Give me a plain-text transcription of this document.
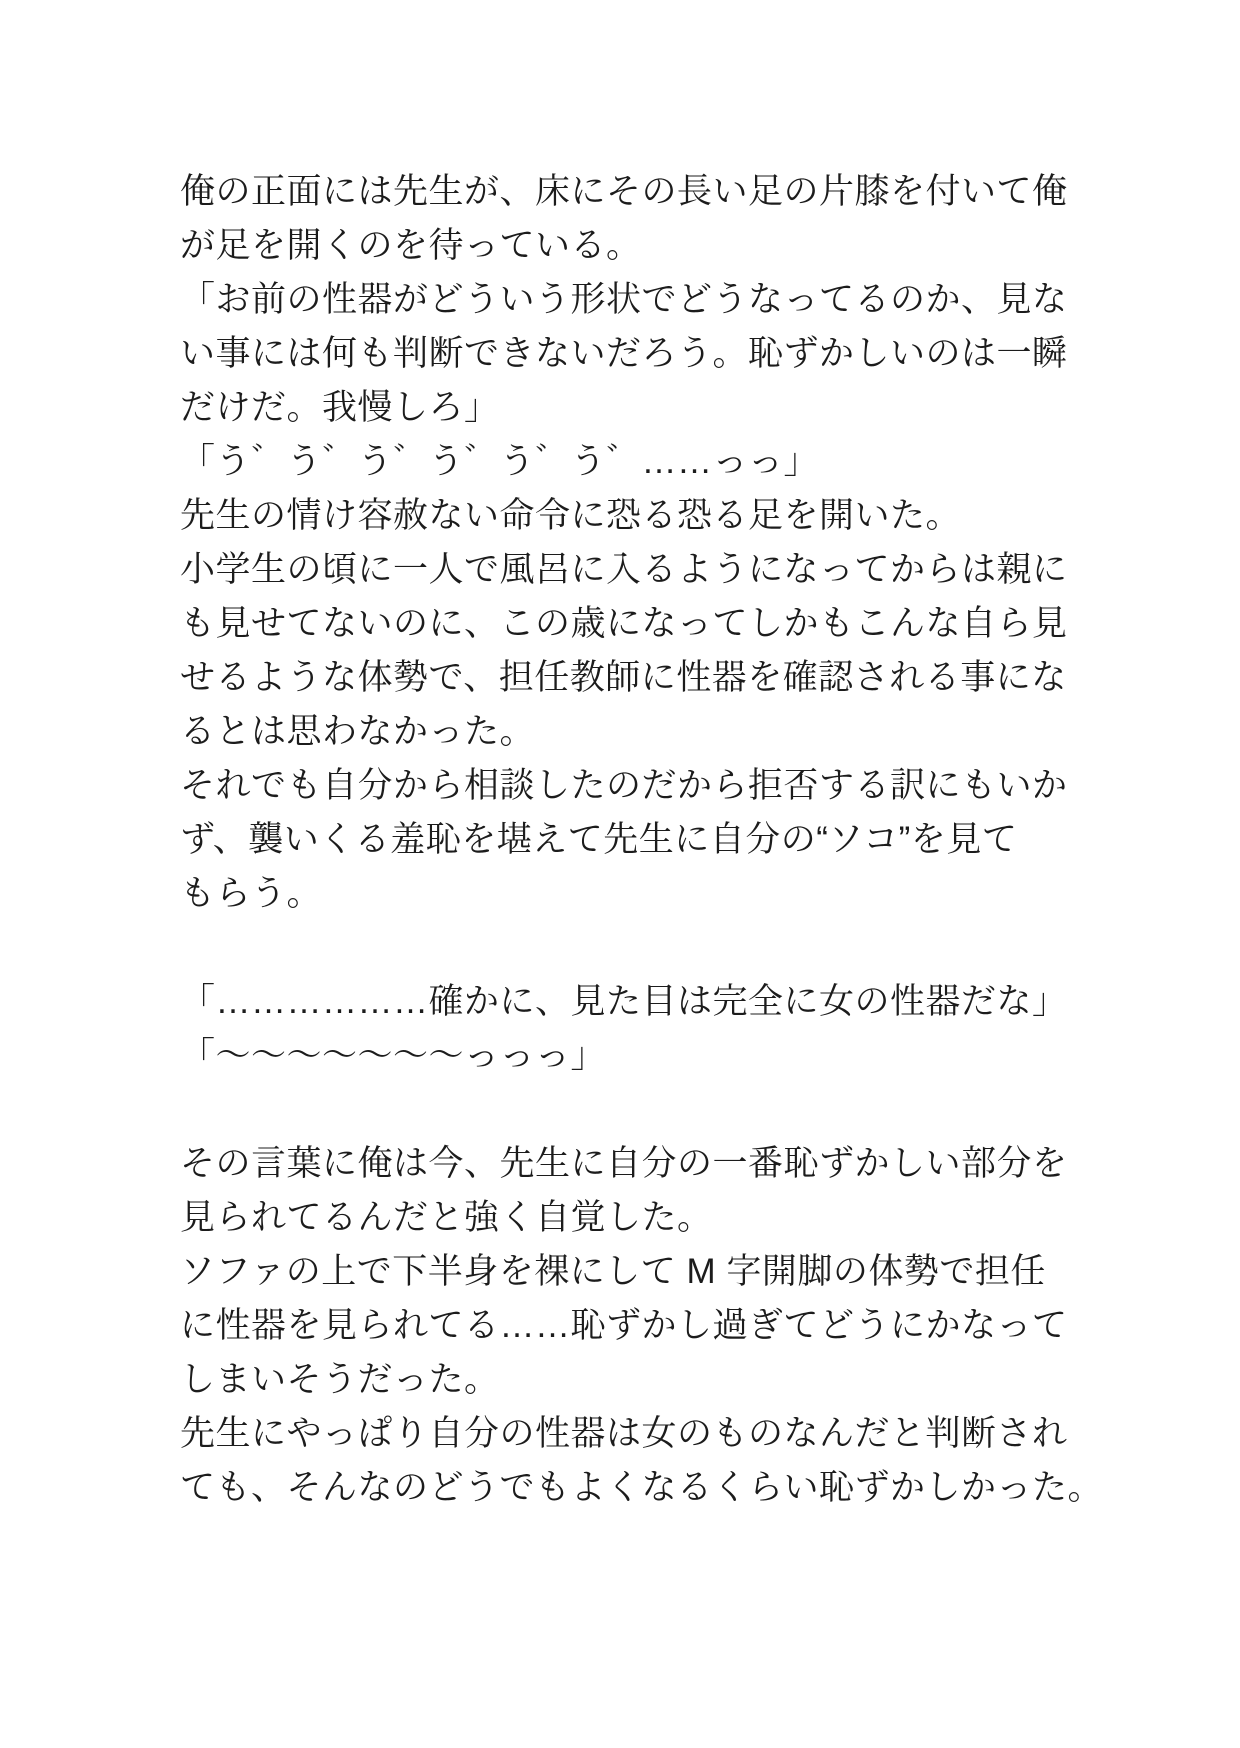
俺の正面には先生が、床にその長い足の片膝を付いて俺
が足を開くのを待っている。
「お前の性器がどういう形状でどうなってるのか、見な
い事には何も判断できないだろう。恥ずかしいのは一瞬
だけだ。我慢しろ」
「う゛う゛う゛う゛う゛う゛……っっ」
先生の情け容赦ない命令に恐る恐る足を開いた。
小学生の頃に一人で風呂に入るようになってからは親に
も見せてないのに、この歳になってしかもこんな自ら見
せるような体勢で、担任教師に性器を確認される事にな
るとは思わなかった。
それでも自分から相談したのだから拒否する訳にもいか
ず、襲いくる羞恥を堪えて先生に自分の“ソコ”を見て
もらう。
「………………確かに、見た目は完全に女の性器だな」
「〜〜〜〜〜〜〜っっっ」
その言葉に俺は今、先生に自分の一番恥ずかしい部分を
見られてるんだと強く自覚した。
ソファの上で下半身を裸にして M 字開脚の体勢で担任
に性器を見られてる……恥ずかし過ぎてどうにかなって
しまいそうだった。
先生にやっぱり自分の性器は女のものなんだと判断され
ても、そんなのどうでもよくなるくらい恥ずかしかった。
